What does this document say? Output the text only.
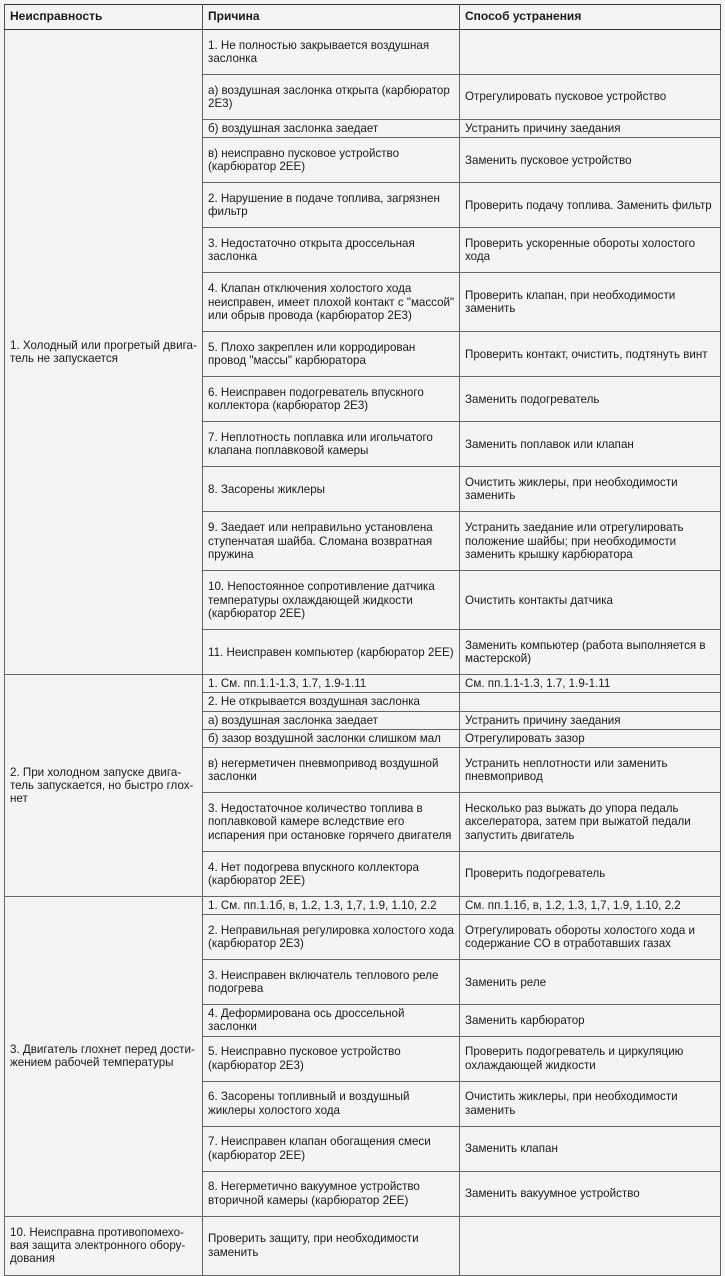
Неисправность	Причина	Способ устранения
1. Холодный или прогретый двига-тель не запускается	1. Не полностью закрывается воздушная заслонка	
	а) воздушная заслонка открыта (карбюратор 2Е3)	Отрегулировать пусковое устройство
	б) воздушная заслонка заедает	Устранить причину заедания
	в) неисправно пусковое устройство (карбюратор 2ЕЕ)	Заменить пусковое устройство
	2. Нарушение в подаче топлива, загрязнен фильтр	Проверить подачу топлива. Заменить фильтр
	3. Недостаточно открыта дроссельная заслонка	Проверить ускоренные обороты холостого хода
	4. Клапан отключения холостого хода неисправен, имеет плохой контакт с "массой" или обрыв провода (карбюратор 2Е3)	Проверить клапан, при необходимости заменить
	5. Плохо закреплен или корродирован провод "массы" карбюратора	Проверить контакт, очистить, подтянуть винт
	6. Неисправен подогреватель впускного коллектора (карбюратор 2Е3)	Заменить подогреватель
	7. Неплотность поплавка или игольчатого клапана поплавковой камеры	Заменить поплавок или клапан
	8. Засорены жиклеры	Очистить жиклеры, при необходимости заменить
	9. Заедает или неправильно установлена ступенчатая шайба. Сломана возвратная пружина	Устранить заедание или отрегулировать положение шайбы; при необходимости заменить крышку карбюратора
	10. Непостоянное сопротивление датчика температуры охлаждающей жидкости (карбюратор 2ЕЕ)	Очистить контакты датчика
	11. Неисправен компьютер (карбюратор 2ЕЕ)	Заменить компьютер (работа выполняется в мастерской)
2. При холодном запуске двига-тель запускается, но быстро глох-нет	1. См. пп.1.1-1.3, 1.7, 1.9-1.11	См. пп.1.1-1.3, 1.7, 1.9-1.11
	2. Не открывается воздушная заслонка	
	а) воздушная заслонка заедает	Устранить причину заедания
	б) зазор воздушной заслонки слишком мал	Отрегулировать зазор
	в) негерметичен пневмопривод воздушной заслонки	Устранить неплотности или заменить пневмопривод
	3. Недостаточное количество топлива в поплавковой камере вследствие его испарения при остановке горячего двигателя	Несколько раз выжать до упора педаль акселератора, затем при выжатой педали запустить двигатель
	4. Нет подогрева впускного коллектора (карбюратор 2ЕЕ)	Проверить подогреватель
3. Двигатель глохнет перед дости-жением рабочей температуры	1. См. пп.1.1б, в, 1.2, 1.3, 1,7, 1.9, 1.10, 2.2	См. пп.1.1б, в, 1.2, 1.3, 1,7, 1.9, 1.10, 2.2
	2. Неправильная регулировка холостого хода (карбюратор 2Е3)	Отрегулировать обороты холостого хода и содержание СО в отработавших газах
	3. Неисправен включатель теплового реле подогрева	Заменить реле
	4. Деформирована ось дроссельной заслонки	Заменить карбюратор
	5. Неисправно пусковое устройство (карбюратор 2Е3)	Проверить подогреватель и циркуляцию охлаждающей жидкости
	6. Засорены топливный и воздушный жиклеры холостого хода	Очистить жиклеры, при необходимости заменить
	7. Неисправен клапан обогащения смеси (карбюратор 2ЕЕ)	Заменить клапан
	8. Негерметично вакуумное устройство вторичной камеры (карбюратор 2ЕЕ)	Заменить вакуумное устройство
10. Неисправна противопомехо-вая защита электронного обору-дования	Проверить защиту, при необходимости заменить	
